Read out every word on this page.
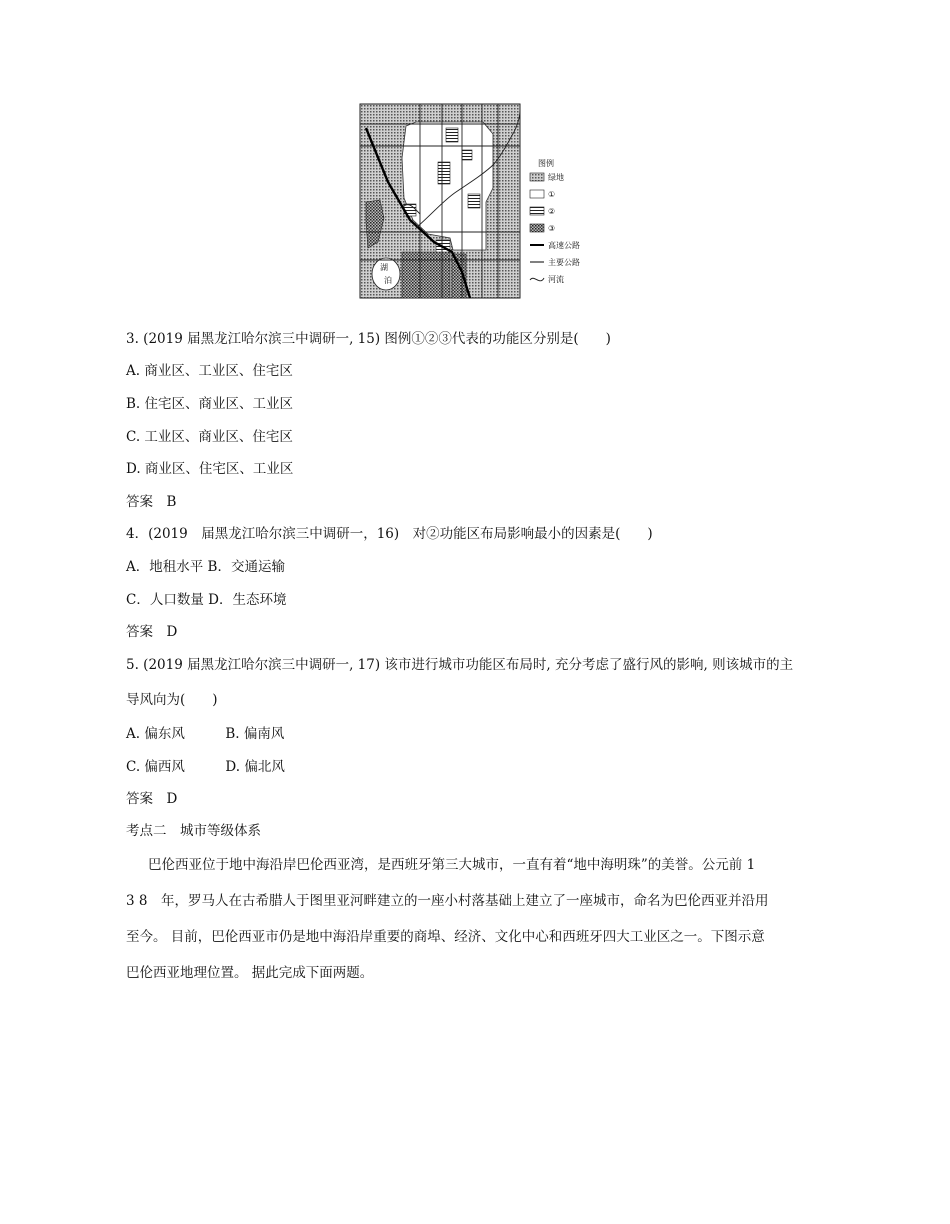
湖
泊
图例
绿地
①
②
③
高速公路
主要公路
河流
3. (2019 届黑龙江哈尔滨三中调研一, 15) 图例①②③代表的功能区分别是(　　)
A. 商业区、工业区、住宅区
B. 住宅区、商业区、工业区
C. 工业区、商业区、住宅区
D. 商业区、住宅区、工业区
答案　B
4．(2019　届黑龙江哈尔滨三中调研一，16)　对②功能区布局影响最小的因素是(　　)
A．地租水平 B．交通运输
C．人口数量 D．生态环境
答案　D
5. (2019 届黑龙江哈尔滨三中调研一, 17) 该市进行城市功能区布局时, 充分考虑了盛行风的影响, 则该城市的主
导风向为(　　)
A. 偏东风　　　B. 偏南风
C. 偏西风　　　D. 偏北风
答案　D
考点二　城市等级体系
巴伦西亚位于地中海沿岸巴伦西亚湾，是西班牙第三大城市，一直有着“地中海明珠”的美誉。公元前 1
3 8　年，罗马人在古希腊人于图里亚河畔建立的一座小村落基础上建立了一座城市，命名为巴伦西亚并沿用
至今。 目前，巴伦西亚市仍是地中海沿岸重要的商埠、经济、文化中心和西班牙四大工业区之一。下图示意
巴伦西亚地理位置。 据此完成下面两题。
